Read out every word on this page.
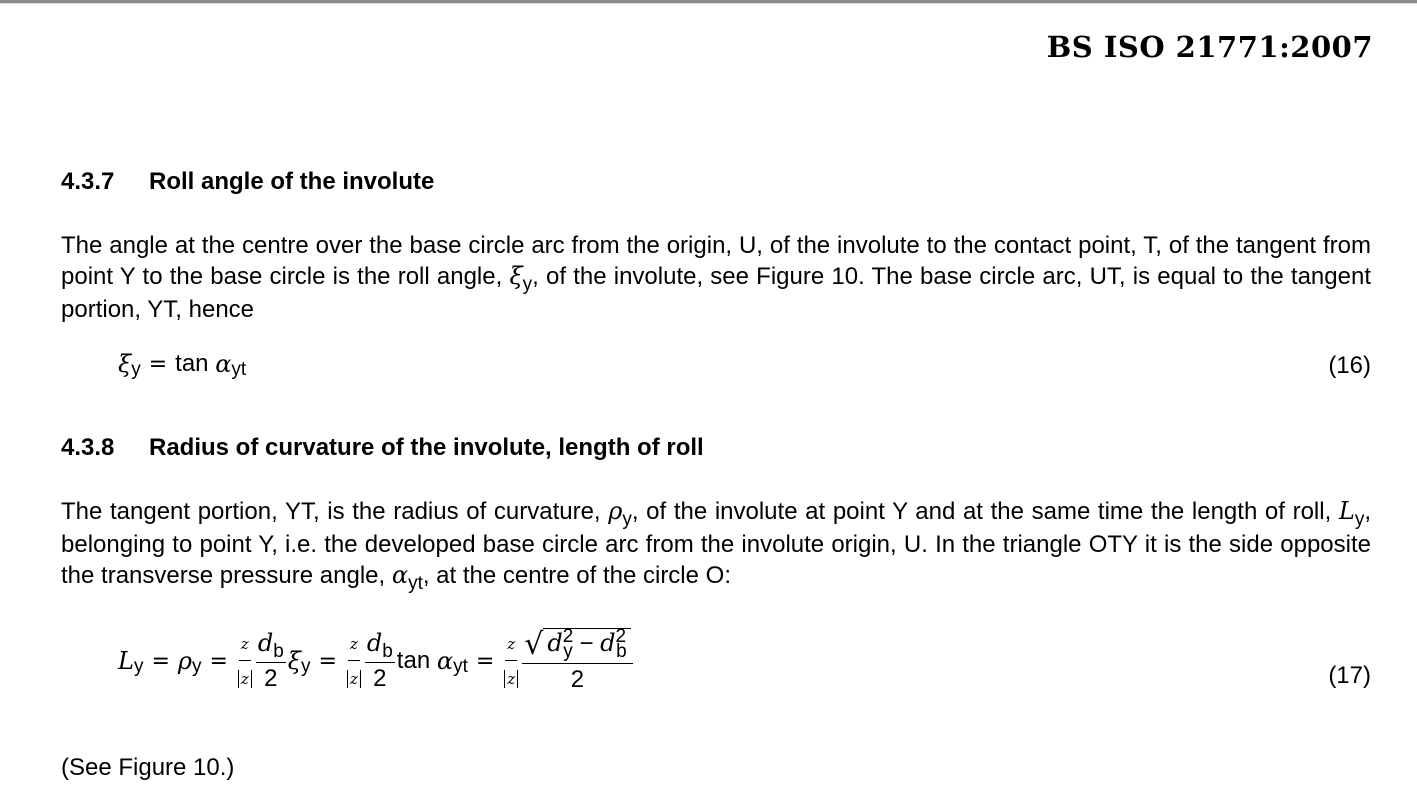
BS ISO 21771:2007
4.3.7 Roll angle of the involute
The angle at the centre over the base circle arc from the origin, U, of the involute to the contact point, T, of the tangent from point Y to the base circle is the roll angle, $\xi_y$, of the involute, see Figure 10. The base circle arc, UT, is equal to the tangent portion, YT, hence
ξ y = tan
α yt	(16)
4.3.8 Radius of curvature of the involute, length of roll
The tangent portion, YT, is the radius of curvature, $\rho_y$, of the involute at point Y and at the same time the length of roll, $L_y$, belonging to point Y, i.e. the developed base circle arc from the involute origin, U. In the triangle OTY it is the side opposite the transverse pressure angle, $\alpha_{yt}$, at the centre of the circle O:
L y = ρ $y = \frac{z}{z} \frac{d_b}{2}$ ξ $y = \frac{z}{z} \frac{d_b}{2}$ tan
α yt = $\frac{z}{z} \frac{√ d^2_y - d^2_b}{2}$	(17)
(See Figure 10.)
